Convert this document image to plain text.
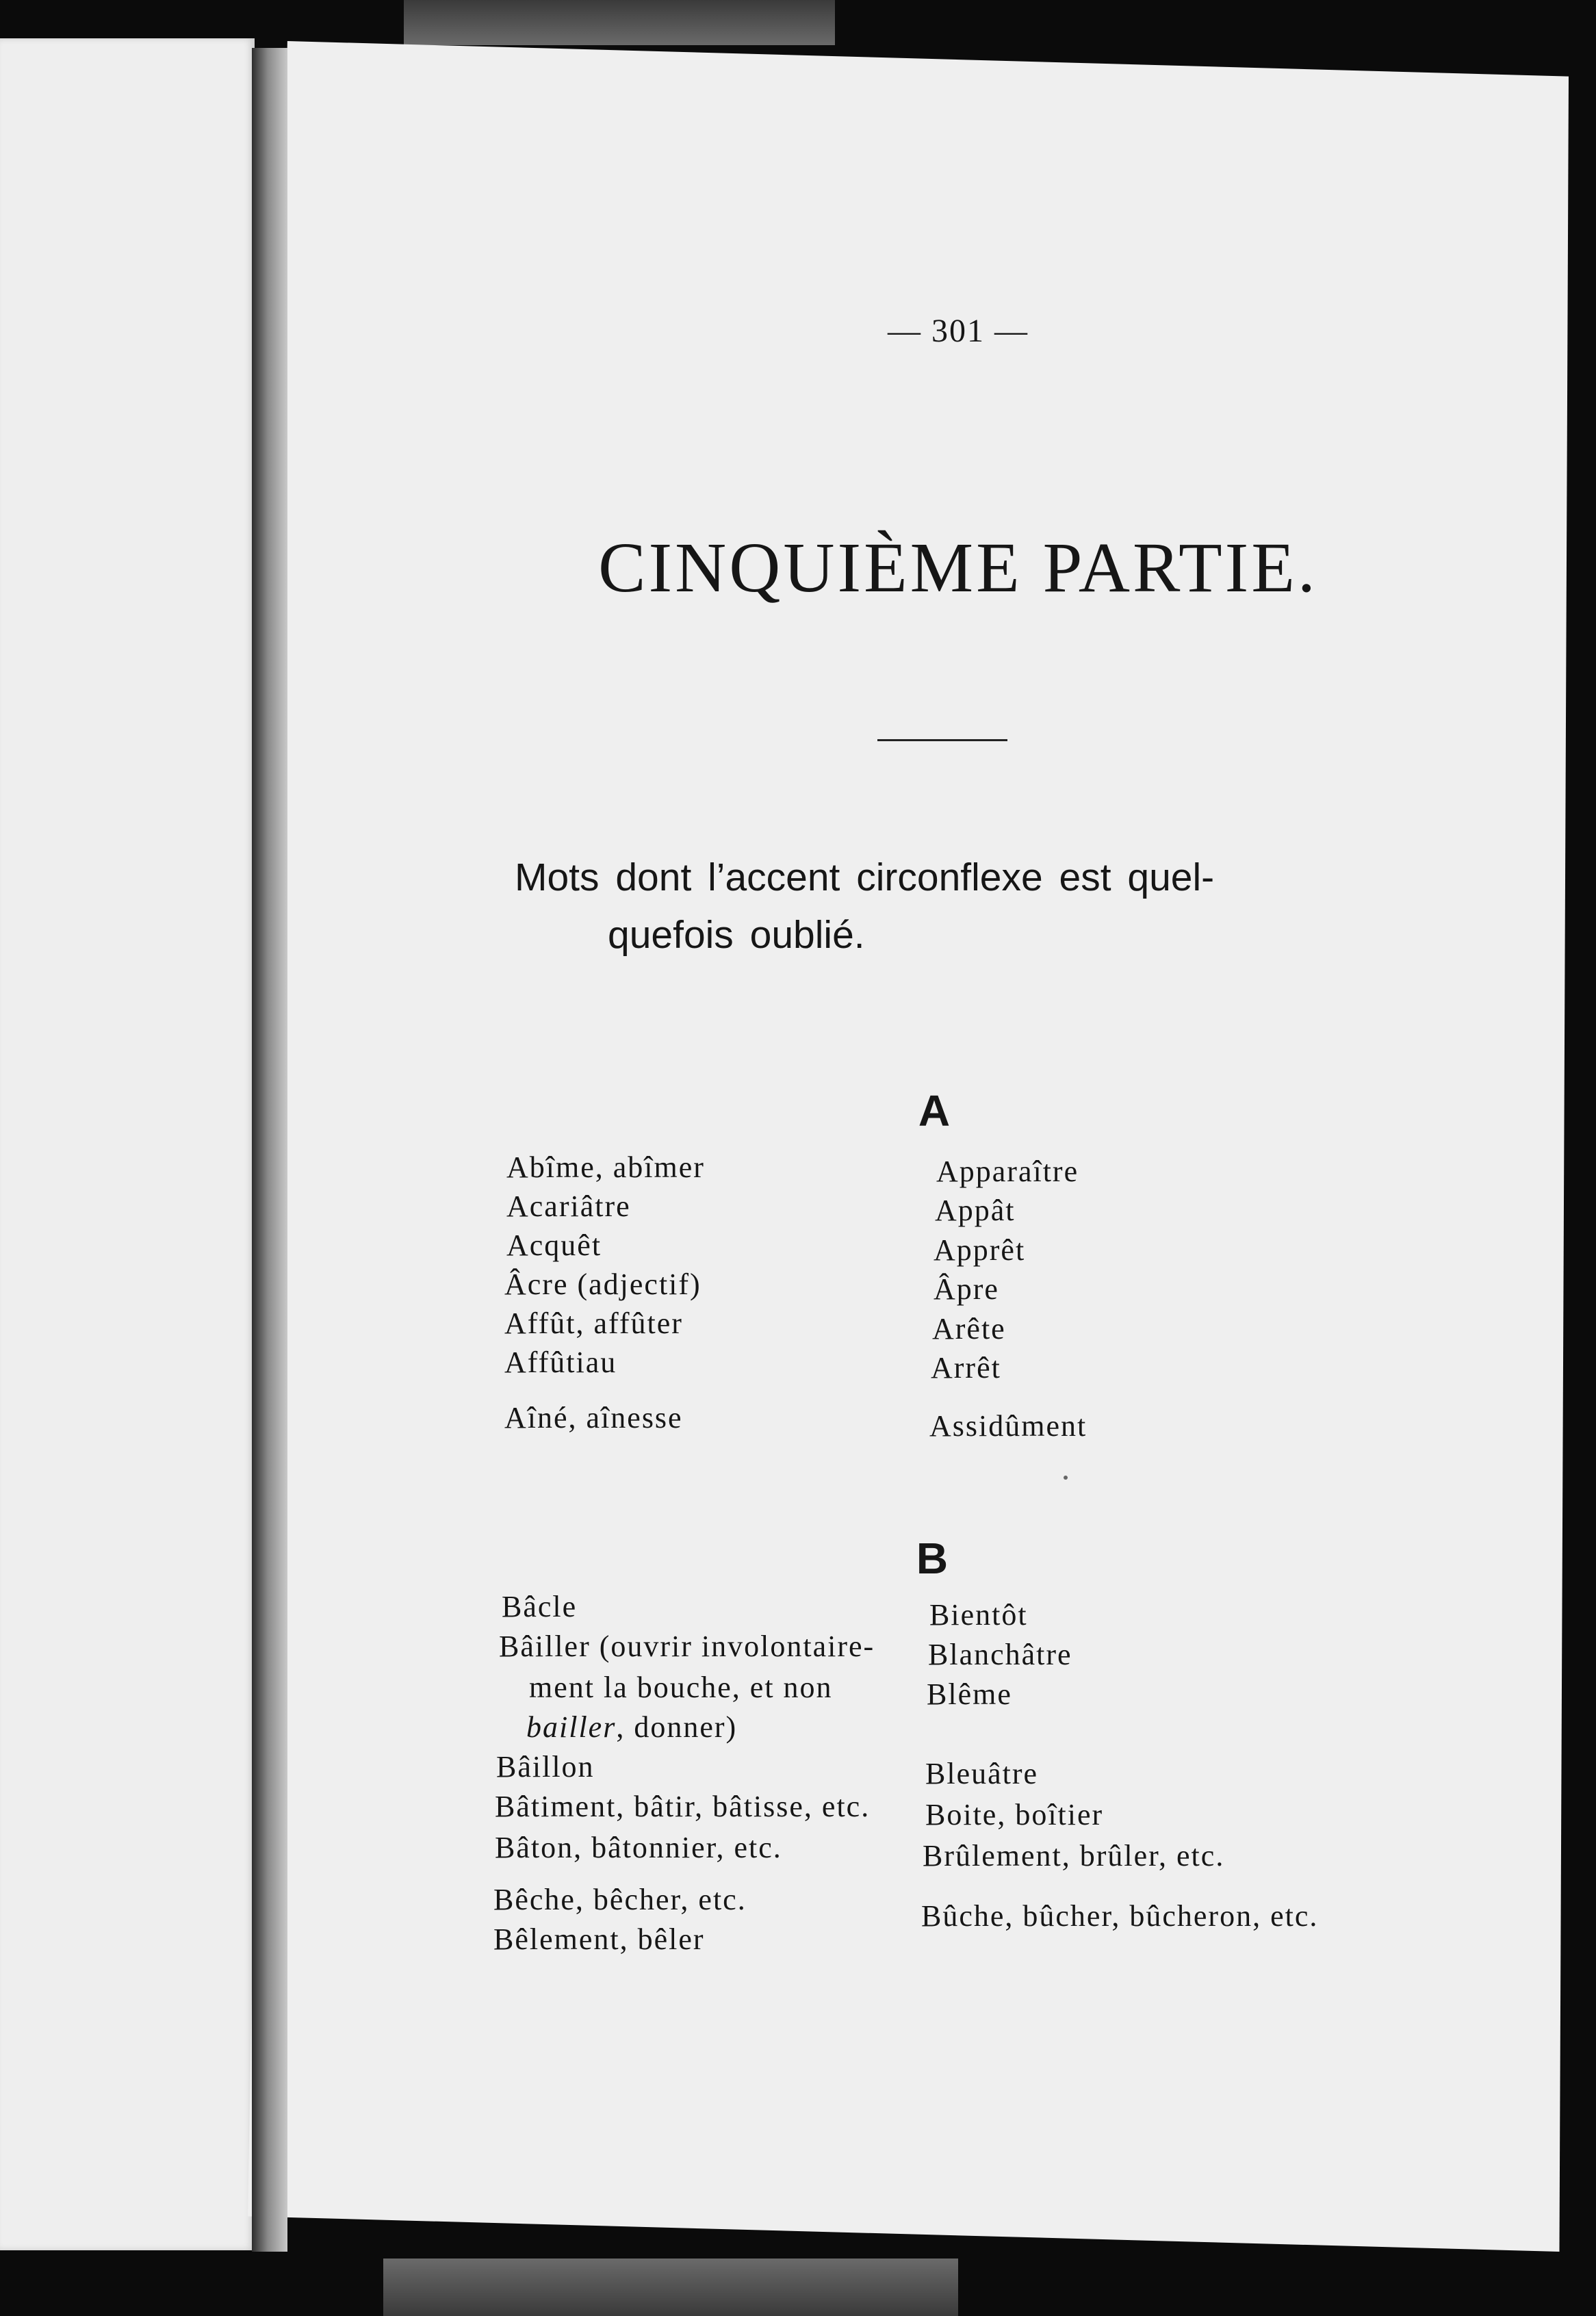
— 301 —
CINQUIÈME PARTIE.
Mots dont l’accent circonflexe est quel-
quefois oublié.
A
Abîme, abîmer
Acariâtre
Acquêt
Âcre (adjectif)
Affût, affûter
Affûtiau
Aîné, aînesse
Apparaître
Appât
Apprêt
Âpre
Arête
Arrêt
Assidûment
B
Bâcle
Bâiller (ouvrir involontaire-
ment la bouche, et non
bailler, donner)
Bâillon
Bâtiment, bâtir, bâtisse, etc.
Bâton, bâtonnier, etc.
Bêche, bêcher, etc.
Bêlement, bêler
Bientôt
Blanchâtre
Blême
Bleuâtre
Boite, boîtier
Brûlement, brûler, etc.
Bûche, bûcher, bûcheron, etc.
